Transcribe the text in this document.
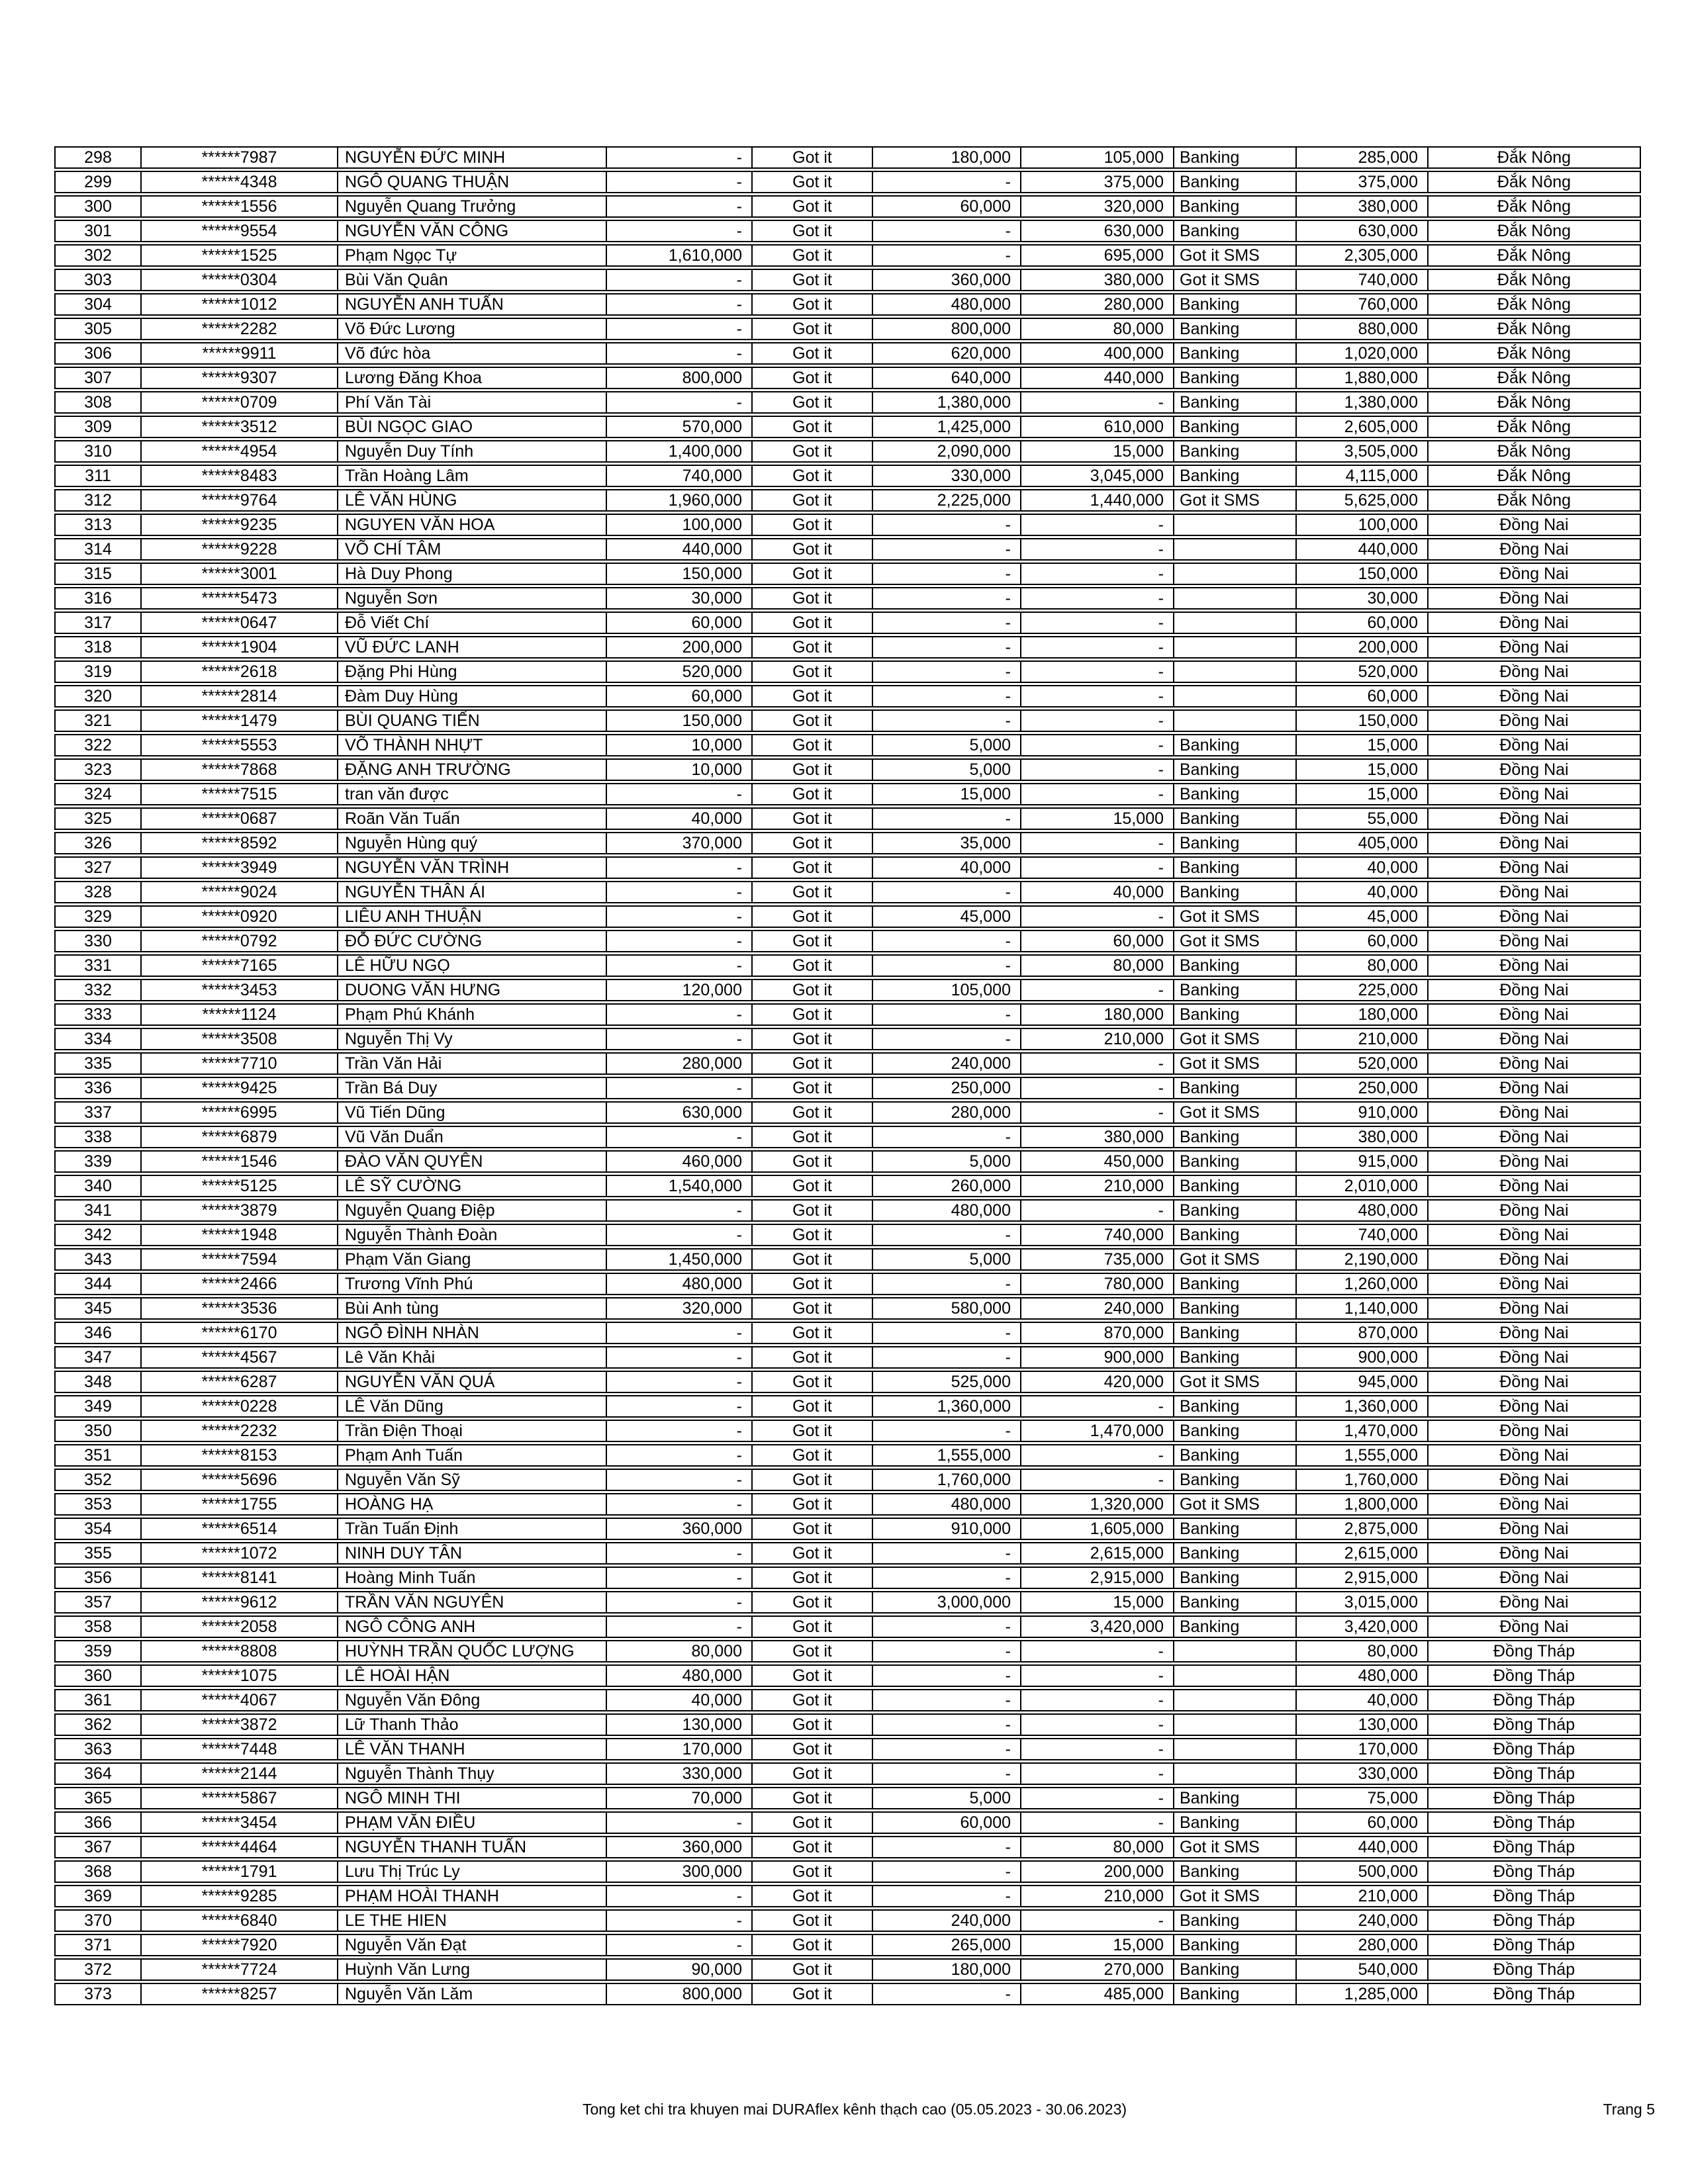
298	******7987	NGUYỄN ĐỨC MINH	-	Got it	180,000	105,000	Banking	285,000	Đắk Nông
299	******4348	NGÔ QUANG THUẬN	-	Got it	-	375,000	Banking	375,000	Đắk Nông
300	******1556	Nguyễn Quang Trưởng	-	Got it	60,000	320,000	Banking	380,000	Đắk Nông
301	******9554	NGUYỄN VĂN CÔNG	-	Got it	-	630,000	Banking	630,000	Đắk Nông
302	******1525	Phạm Ngọc Tự	1,610,000	Got it	-	695,000	Got it SMS	2,305,000	Đắk Nông
303	******0304	Bùi Văn Quân	-	Got it	360,000	380,000	Got it SMS	740,000	Đắk Nông
304	******1012	NGUYỄN ANH TUẤN	-	Got it	480,000	280,000	Banking	760,000	Đắk Nông
305	******2282	Võ Đức Lương	-	Got it	800,000	80,000	Banking	880,000	Đắk Nông
306	******9911	Võ đức hòa	-	Got it	620,000	400,000	Banking	1,020,000	Đắk Nông
307	******9307	Lương Đăng Khoa	800,000	Got it	640,000	440,000	Banking	1,880,000	Đắk Nông
308	******0709	Phí Văn Tài	-	Got it	1,380,000	-	Banking	1,380,000	Đắk Nông
309	******3512	BÙI NGỌC GIAO	570,000	Got it	1,425,000	610,000	Banking	2,605,000	Đắk Nông
310	******4954	Nguyễn Duy Tính	1,400,000	Got it	2,090,000	15,000	Banking	3,505,000	Đắk Nông
311	******8483	Trần Hoàng Lâm	740,000	Got it	330,000	3,045,000	Banking	4,115,000	Đắk Nông
312	******9764	LÊ VĂN HÙNG	1,960,000	Got it	2,225,000	1,440,000	Got it SMS	5,625,000	Đắk Nông
313	******9235	NGUYEN VĂN HOA	100,000	Got it	-	-		100,000	Đồng Nai
314	******9228	VÕ CHÍ TÂM	440,000	Got it	-	-		440,000	Đồng Nai
315	******3001	Hà Duy Phong	150,000	Got it	-	-		150,000	Đồng Nai
316	******5473	Nguyễn Sơn	30,000	Got it	-	-		30,000	Đồng Nai
317	******0647	Đỗ Viết Chí	60,000	Got it	-	-		60,000	Đồng Nai
318	******1904	VŨ ĐỨC LANH	200,000	Got it	-	-		200,000	Đồng Nai
319	******2618	Đặng Phi Hùng	520,000	Got it	-	-		520,000	Đồng Nai
320	******2814	Đàm Duy Hùng	60,000	Got it	-	-		60,000	Đồng Nai
321	******1479	BÙI QUANG TIẾN	150,000	Got it	-	-		150,000	Đồng Nai
322	******5553	VÕ THÀNH NHỰT	10,000	Got it	5,000	-	Banking	15,000	Đồng Nai
323	******7868	ĐẶNG ANH TRƯỜNG	10,000	Got it	5,000	-	Banking	15,000	Đồng Nai
324	******7515	tran văn được	-	Got it	15,000	-	Banking	15,000	Đồng Nai
325	******0687	Roãn Văn Tuấn	40,000	Got it	-	15,000	Banking	55,000	Đồng Nai
326	******8592	Nguyễn Hùng quý	370,000	Got it	35,000	-	Banking	405,000	Đồng Nai
327	******3949	NGUYỄN VĂN TRÌNH	-	Got it	40,000	-	Banking	40,000	Đồng Nai
328	******9024	NGUYỄN THÂN ÁI	-	Got it	-	40,000	Banking	40,000	Đồng Nai
329	******0920	LIÊU ANH THUẬN	-	Got it	45,000	-	Got it SMS	45,000	Đồng Nai
330	******0792	ĐỖ ĐỨC CƯỜNG	-	Got it	-	60,000	Got it SMS	60,000	Đồng Nai
331	******7165	LÊ HỮU NGỌ	-	Got it	-	80,000	Banking	80,000	Đồng Nai
332	******3453	DUONG VĂN HƯNG	120,000	Got it	105,000	-	Banking	225,000	Đồng Nai
333	******1124	Phạm Phú Khánh	-	Got it	-	180,000	Banking	180,000	Đồng Nai
334	******3508	Nguyễn Thị Vy	-	Got it	-	210,000	Got it SMS	210,000	Đồng Nai
335	******7710	Trần Văn Hải	280,000	Got it	240,000	-	Got it SMS	520,000	Đồng Nai
336	******9425	Trần Bá Duy	-	Got it	250,000	-	Banking	250,000	Đồng Nai
337	******6995	Vũ Tiến Dũng	630,000	Got it	280,000	-	Got it SMS	910,000	Đồng Nai
338	******6879	Vũ Văn Duẩn	-	Got it	-	380,000	Banking	380,000	Đồng Nai
339	******1546	ĐÀO VĂN QUYÊN	460,000	Got it	5,000	450,000	Banking	915,000	Đồng Nai
340	******5125	LÊ SỸ CƯỜNG	1,540,000	Got it	260,000	210,000	Banking	2,010,000	Đồng Nai
341	******3879	Nguyễn Quang Điệp	-	Got it	480,000	-	Banking	480,000	Đồng Nai
342	******1948	Nguyễn Thành Đoàn	-	Got it	-	740,000	Banking	740,000	Đồng Nai
343	******7594	Phạm Văn Giang	1,450,000	Got it	5,000	735,000	Got it SMS	2,190,000	Đồng Nai
344	******2466	Trương Vĩnh Phú	480,000	Got it	-	780,000	Banking	1,260,000	Đồng Nai
345	******3536	Bùi Anh tùng	320,000	Got it	580,000	240,000	Banking	1,140,000	Đồng Nai
346	******6170	NGÔ ĐÌNH NHÀN	-	Got it	-	870,000	Banking	870,000	Đồng Nai
347	******4567	Lê Văn Khải	-	Got it	-	900,000	Banking	900,000	Đồng Nai
348	******6287	NGUYỄN VĂN QUÁ	-	Got it	525,000	420,000	Got it SMS	945,000	Đồng Nai
349	******0228	LÊ Văn Dũng	-	Got it	1,360,000	-	Banking	1,360,000	Đồng Nai
350	******2232	Trần Điện Thoại	-	Got it	-	1,470,000	Banking	1,470,000	Đồng Nai
351	******8153	Phạm Anh Tuấn	-	Got it	1,555,000	-	Banking	1,555,000	Đồng Nai
352	******5696	Nguyễn Văn Sỹ	-	Got it	1,760,000	-	Banking	1,760,000	Đồng Nai
353	******1755	HOÀNG HẠ	-	Got it	480,000	1,320,000	Got it SMS	1,800,000	Đồng Nai
354	******6514	Trần Tuấn Định	360,000	Got it	910,000	1,605,000	Banking	2,875,000	Đồng Nai
355	******1072	NINH DUY TÂN	-	Got it	-	2,615,000	Banking	2,615,000	Đồng Nai
356	******8141	Hoàng Minh Tuấn	-	Got it	-	2,915,000	Banking	2,915,000	Đồng Nai
357	******9612	TRẦN VĂN NGUYÊN	-	Got it	3,000,000	15,000	Banking	3,015,000	Đồng Nai
358	******2058	NGÔ CÔNG ANH	-	Got it	-	3,420,000	Banking	3,420,000	Đồng Nai
359	******8808	HUỲNH TRẦN QUỐC LƯỢNG	80,000	Got it	-	-		80,000	Đồng Tháp
360	******1075	LÊ HOÀI HẬN	480,000	Got it	-	-		480,000	Đồng Tháp
361	******4067	Nguyễn Văn Đông	40,000	Got it	-	-		40,000	Đồng Tháp
362	******3872	Lữ Thanh Thảo	130,000	Got it	-	-		130,000	Đồng Tháp
363	******7448	LÊ VĂN THANH	170,000	Got it	-	-		170,000	Đồng Tháp
364	******2144	Nguyễn Thành Thụy	330,000	Got it	-	-		330,000	Đồng Tháp
365	******5867	NGÔ MINH THI	70,000	Got it	5,000	-	Banking	75,000	Đồng Tháp
366	******3454	PHẠM VĂN ĐIỀU	-	Got it	60,000	-	Banking	60,000	Đồng Tháp
367	******4464	NGUYỄN THANH TUẤN	360,000	Got it	-	80,000	Got it SMS	440,000	Đồng Tháp
368	******1791	Lưu Thị Trúc Ly	300,000	Got it	-	200,000	Banking	500,000	Đồng Tháp
369	******9285	PHẠM HOÀI THANH	-	Got it	-	210,000	Got it SMS	210,000	Đồng Tháp
370	******6840	LE THE HIEN	-	Got it	240,000	-	Banking	240,000	Đồng Tháp
371	******7920	Nguyễn Văn Đạt	-	Got it	265,000	15,000	Banking	280,000	Đồng Tháp
372	******7724	Huỳnh Văn Lưng	90,000	Got it	180,000	270,000	Banking	540,000	Đồng Tháp
373	******8257	Nguyễn Văn Lăm	800,000	Got it	-	485,000	Banking	1,285,000	Đồng Tháp
Tong ket chi tra khuyen mai DURAflex kênh thạch cao (05.05.2023 - 30.06.2023)	Trang 5
